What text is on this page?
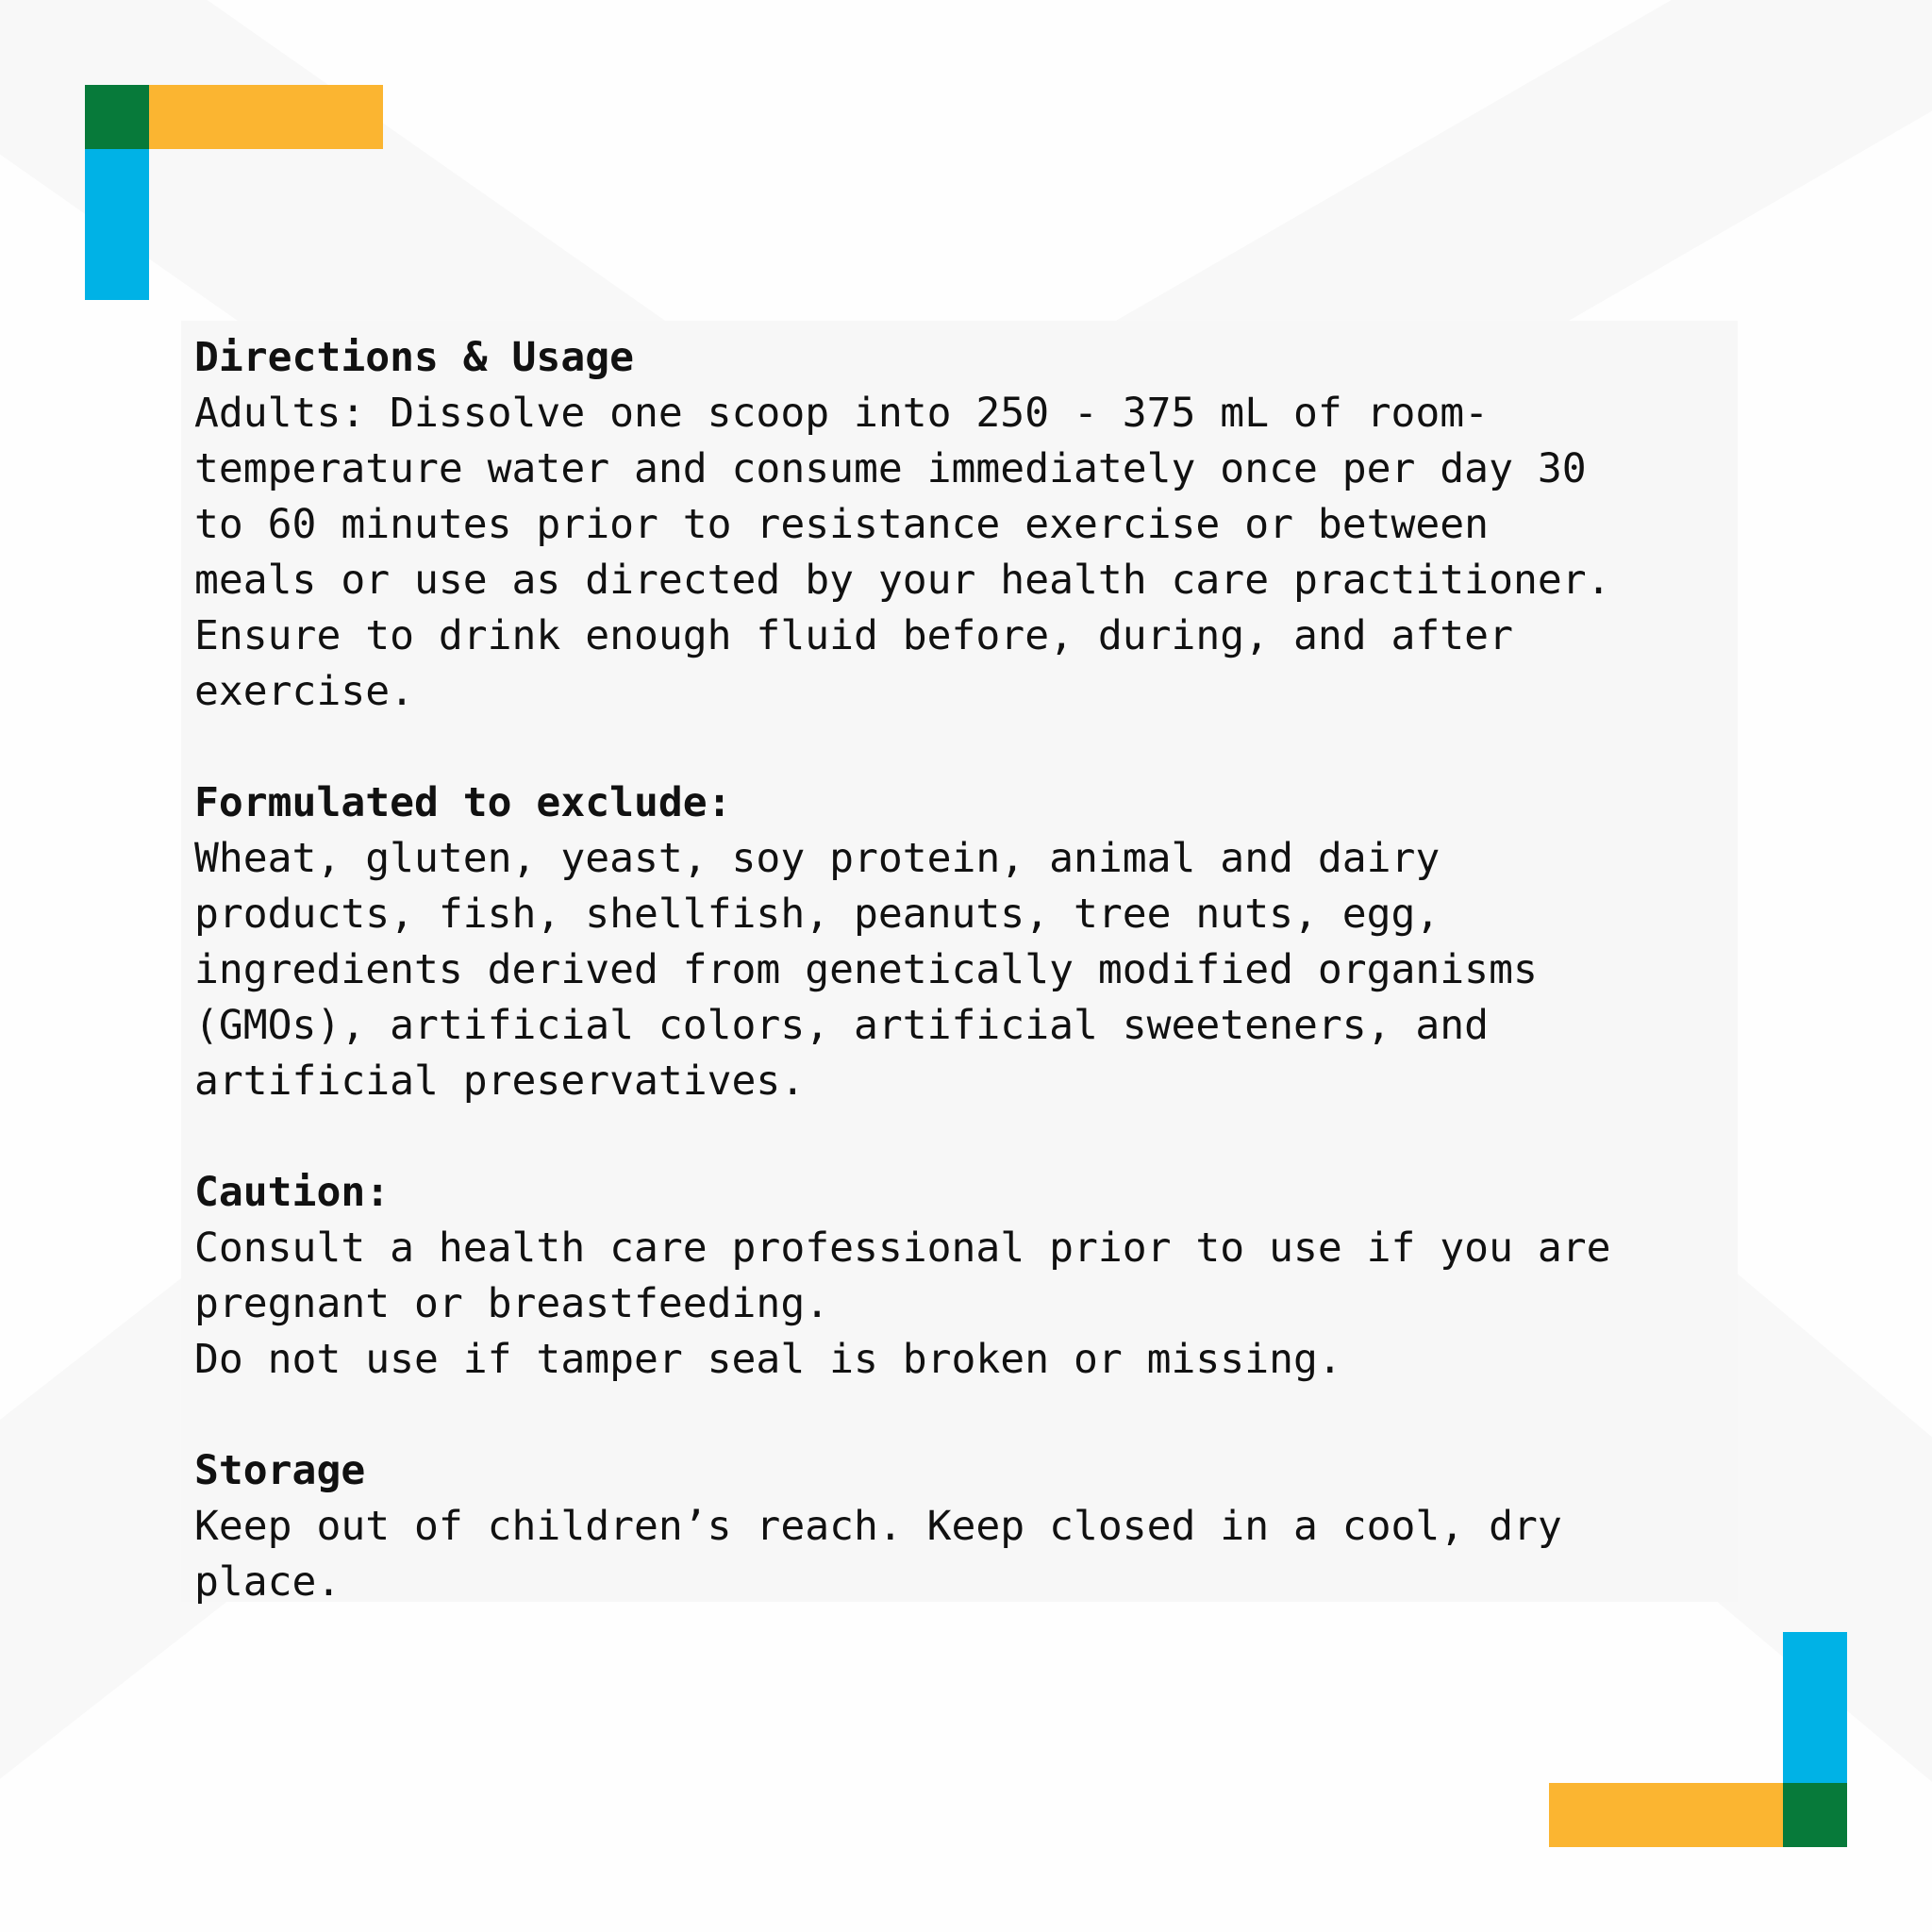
Directions & Usage
Adults: Dissolve one scoop into 250 - 375 mL of room-
temperature water and consume immediately once per day 30
to 60 minutes prior to resistance exercise or between
meals or use as directed by your health care practitioner.
Ensure to drink enough fluid before, during, and after
exercise.
Formulated to exclude:
Wheat, gluten, yeast, soy protein, animal and dairy
products, fish, shellfish, peanuts, tree nuts, egg,
ingredients derived from genetically modified organisms
(GMOs), artificial colors, artificial sweeteners, and
artificial preservatives.
Caution:
Consult a health care professional prior to use if you are
pregnant or breastfeeding.
Do not use if tamper seal is broken or missing.
Storage
Keep out of children’s reach. Keep closed in a cool, dry
place.
